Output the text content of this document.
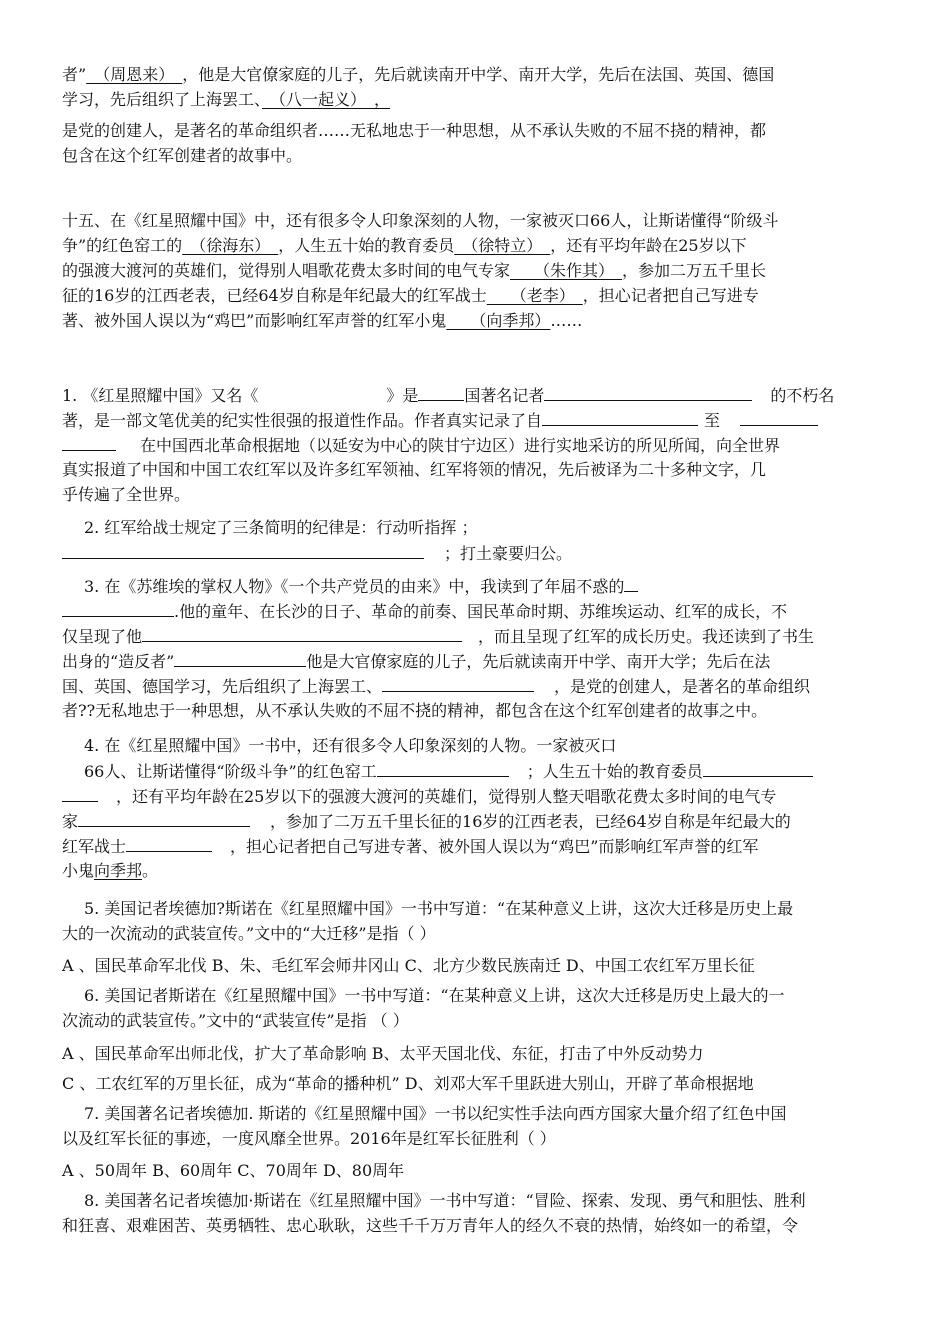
者”　（周恩来）　，他是大官僚家庭的儿子，先后就读南开中学、南开大学，先后在法国、英国、德国
学习，先后组织了上海罢工、　（八一起义）　，
是党的创建人，是著名的革命组织者……无私地忠于一种思想，从不承认失败的不屈不挠的精神，都
包含在这个红军创建者的故事中。
十五、在《红星照耀中国》中，还有很多令人印象深刻的人物，一家被灭口66人，让斯诺懂得“阶级斗
争”的红色窑工的　（徐海东）　，人生五十始的教育委员　（徐特立）　，还有平均年龄在25岁以下
的强渡大渡河的英雄们，觉得别人唱歌花费太多时间的电气专家　　（朱作其）　，参加二万五千里长
征的16岁的江西老表，已经64岁自称是年纪最大的红军战士　　（老李）　，担心记者把自己写进专
著、被外国人误以为“鸡巴”而影响红军声誉的红军小鬼　　（向季邦）……
1. 《红星照耀中国》又名《	》是	国著名记者	的不朽名
著，是一部文笔优美的纪实性很强的报道性作品。作者真实记录了自	至
在中国西北革命根据地（以延安为中心的陕甘宁边区）进行实地采访的所见所闻，向全世界
真实报道了中国和中国工农红军以及许多红军领袖、红军将领的情况，先后被译为二十多种文字，几
乎传遍了全世界。
2. 红军给战士规定了三条简明的纪律是：行动听指挥 ；
；打土豪要归公。
3. 在《苏维埃的掌权人物》《一个共产党员的由来》中，我读到了年届不惑的
.他的童年、在长沙的日子、革命的前奏、国民革命时期、苏维埃运动、红军的成长，不
仅呈现了他	，而且呈现了红军的成长历史。我还读到了书生
出身的“造反者”	他是大官僚家庭的儿子，先后就读南开中学、南开大学；先后在法
国、英国、德国学习，先后组织了上海罢工、	，是党的创建人，是著名的革命组织
者??无私地忠于一种思想，从不承认失败的不屈不挠的精神，都包含在这个红军创建者的故事之中。
4. 在《红星照耀中国》一书中，还有很多令人印象深刻的人物。一家被灭口
66人、让斯诺懂得“阶级斗争”的红色窑工	；人生五十始的教育委员
，还有平均年龄在25岁以下的强渡大渡河的英雄们，觉得别人整天唱歌花费太多时间的电气专
家	，参加了二万五千里长征的16岁的江西老表，已经64岁自称是年纪最大的
红军战士	，担心记者把自己写进专著、被外国人误以为“鸡巴”而影响红军声誉的红军
小鬼向季邦。
5. 美国记者埃德加?斯诺在《红星照耀中国》一书中写道：“在某种意义上讲，这次大迁移是历史上最
大的一次流动的武装宣传。”文中的“大迁移”是指（ ）
A 、国民革命军北伐 B、朱、毛红军会师井冈山 C、北方少数民族南迁 D、中国工农红军万里长征
6. 美国记者斯诺在《红星照耀中国》一书中写道：“在某种意义上讲，这次大迁移是历史上最大的一
次流动的武装宣传。”文中的“武装宣传”是指 （ ）
A 、国民革命军出师北伐，扩大了革命影响 B、太平天国北伐、东征，打击了中外反动势力
C 、工农红军的万里长征，成为“革命的播种机” D、刘邓大军千里跃进大别山，开辟了革命根据地
7. 美国著名记者埃德加. 斯诺的《红星照耀中国》一书以纪实性手法向西方国家大量介绍了红色中国
以及红军长征的事迹，一度风靡全世界。2016年是红军长征胜利（ ）
A 、50周年 B、60周年 C、70周年 D、80周年
8. 美国著名记者埃德加·斯诺在《红星照耀中国》一书中写道：“冒险、探索、发现、勇气和胆怯、胜利
和狂喜、艰难困苦、英勇牺牲、忠心耿耿，这些千千万万青年人的经久不衰的热情，始终如一的希望，令
